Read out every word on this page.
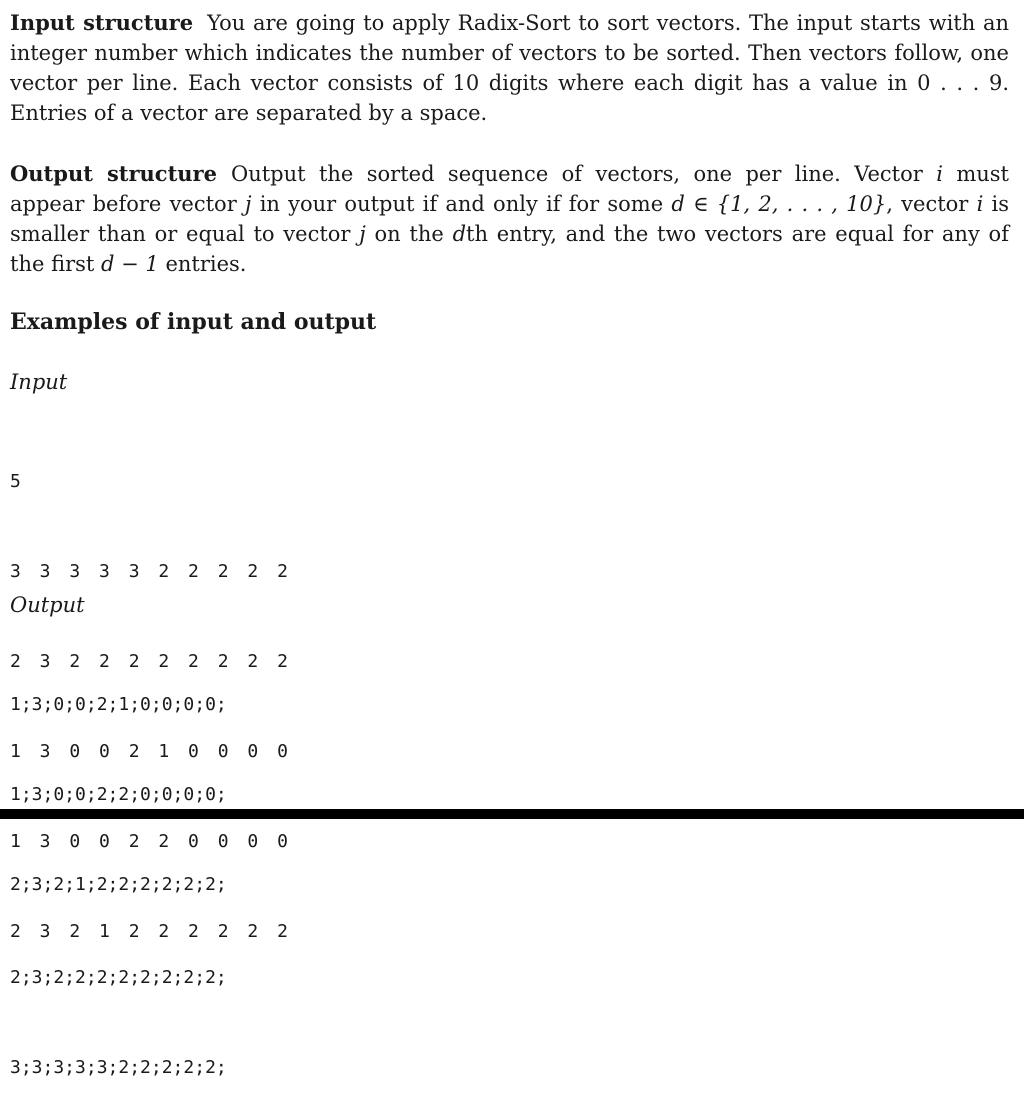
Input structure You are going to apply Radix-Sort to sort vectors. The input starts with an integer number which indicates the number of vectors to be sorted. Then vectors follow, one vector per line. Each vector consists of 10 digits where each digit has a value in 0 . . . 9. Entries of a vector are separated by a space.

Output structure Output the sorted sequence of vectors, one per line. Vector i must appear before vector j in your output if and only if for some d ∈ {1, 2, . . . , 10}, vector i is smaller than or equal to vector j on the dth entry, and the two vectors are equal for any of the first d − 1 entries.

Examples of input and output

Input

5

3 3 3 3 3 2 2 2 2 2

2 3 2 2 2 2 2 2 2 2

1 3 0 0 2 1 0 0 0 0

1 3 0 0 2 2 0 0 0 0

2 3 2 1 2 2 2 2 2 2

Output

1;3;0;0;2;1;0;0;0;0;

1;3;0;0;2;2;0;0;0;0;

2;3;2;1;2;2;2;2;2;2;

2;3;2;2;2;2;2;2;2;2;

3;3;3;3;3;2;2;2;2;2;
